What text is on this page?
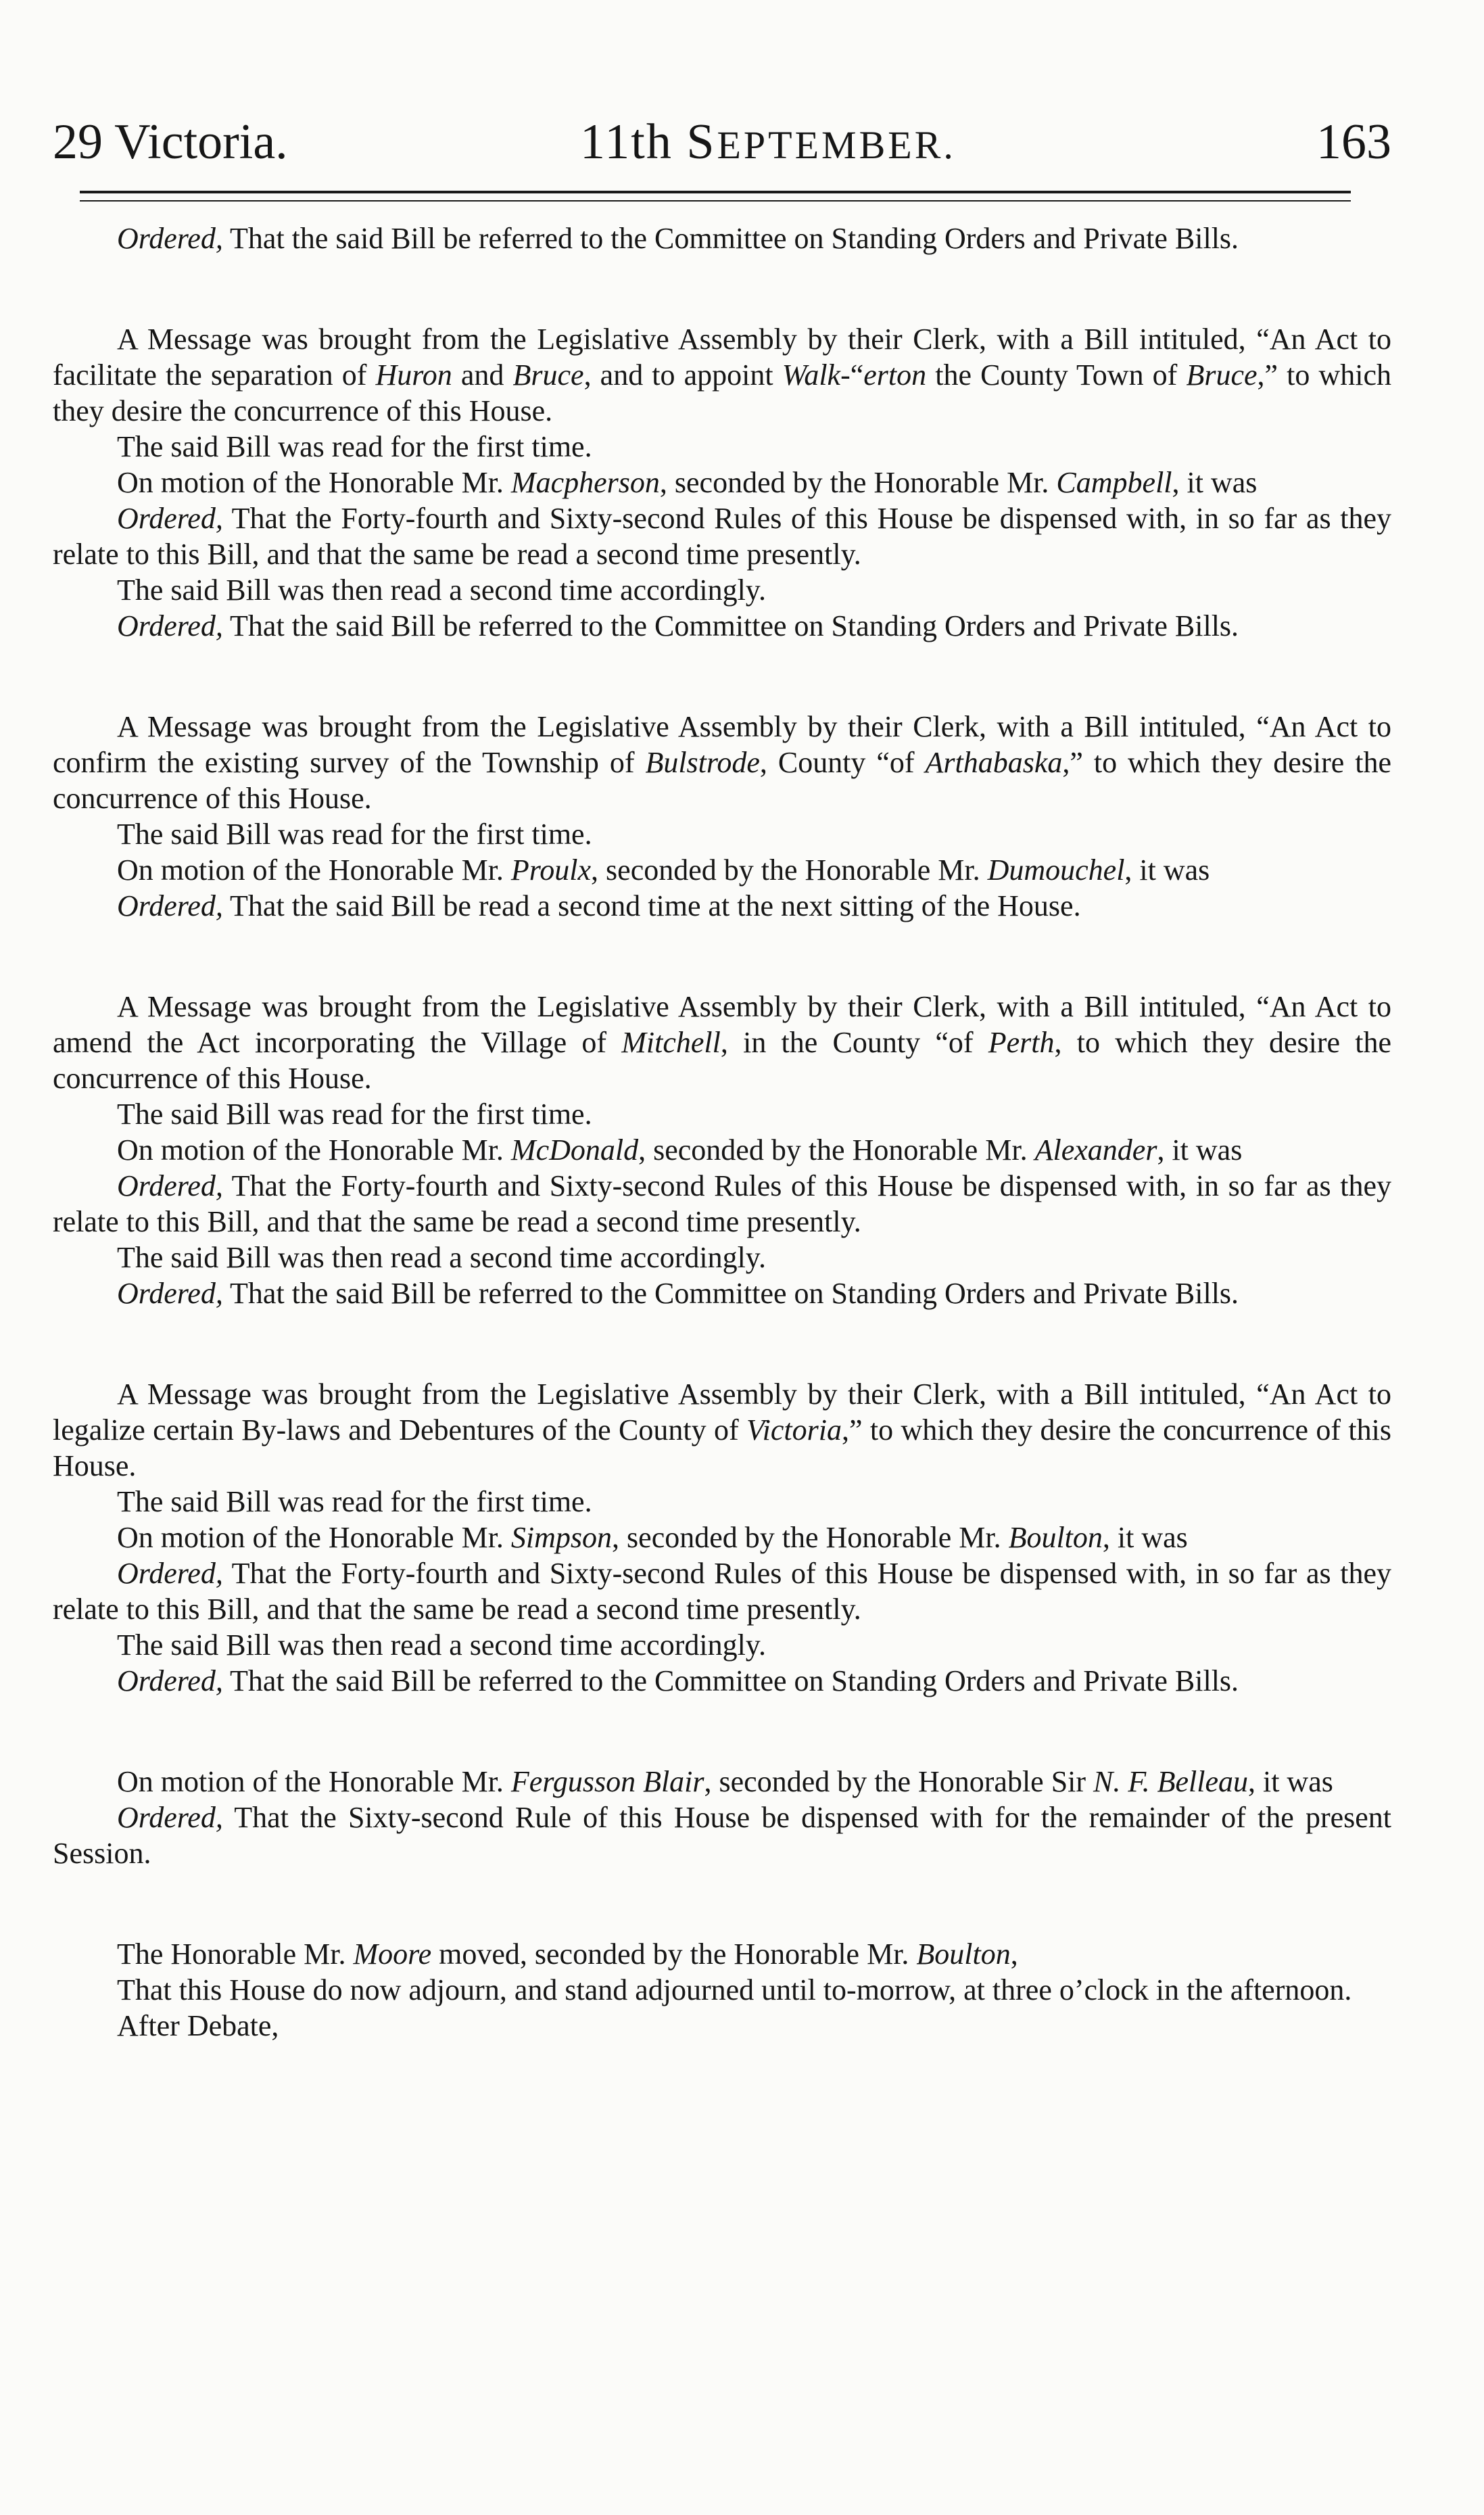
29 Victoria.	11th SEPTEMBER.	163

Ordered, That the said Bill be referred to the Committee on Standing Orders and Private Bills.

A Message was brought from the Legislative Assembly by their Clerk, with a Bill intituled, “An Act to facilitate the separation of Huron and Bruce, and to appoint Walk-“erton the County Town of Bruce,” to which they desire the concurrence of this House.

The said Bill was read for the first time.

On motion of the Honorable Mr. Macpherson, seconded by the Honorable Mr. Campbell, it was

Ordered, That the Forty-fourth and Sixty-second Rules of this House be dispensed with, in so far as they relate to this Bill, and that the same be read a second time presently.

The said Bill was then read a second time accordingly.

Ordered, That the said Bill be referred to the Committee on Standing Orders and Private Bills.

A Message was brought from the Legislative Assembly by their Clerk, with a Bill intituled, “An Act to confirm the existing survey of the Township of Bulstrode, County “of Arthabaska,” to which they desire the concurrence of this House.

The said Bill was read for the first time.

On motion of the Honorable Mr. Proulx, seconded by the Honorable Mr. Dumouchel, it was

Ordered, That the said Bill be read a second time at the next sitting of the House.

A Message was brought from the Legislative Assembly by their Clerk, with a Bill intituled, “An Act to amend the Act incorporating the Village of Mitchell, in the County “of Perth, to which they desire the concurrence of this House.

The said Bill was read for the first time.

On motion of the Honorable Mr. McDonald, seconded by the Honorable Mr. Alexander, it was

Ordered, That the Forty-fourth and Sixty-second Rules of this House be dispensed with, in so far as they relate to this Bill, and that the same be read a second time presently.

The said Bill was then read a second time accordingly.

Ordered, That the said Bill be referred to the Committee on Standing Orders and Private Bills.

A Message was brought from the Legislative Assembly by their Clerk, with a Bill intituled, “An Act to legalize certain By-laws and Debentures of the County of Victoria,” to which they desire the concurrence of this House.

The said Bill was read for the first time.

On motion of the Honorable Mr. Simpson, seconded by the Honorable Mr. Boulton, it was

Ordered, That the Forty-fourth and Sixty-second Rules of this House be dispensed with, in so far as they relate to this Bill, and that the same be read a second time presently.

The said Bill was then read a second time accordingly.

Ordered, That the said Bill be referred to the Committee on Standing Orders and Private Bills.

On motion of the Honorable Mr. Fergusson Blair, seconded by the Honorable Sir N. F. Belleau, it was

Ordered, That the Sixty-second Rule of this House be dispensed with for the remainder of the present Session.

The Honorable Mr. Moore moved, seconded by the Honorable Mr. Boulton,

That this House do now adjourn, and stand adjourned until to-morrow, at three o’clock in the afternoon.

After Debate,
